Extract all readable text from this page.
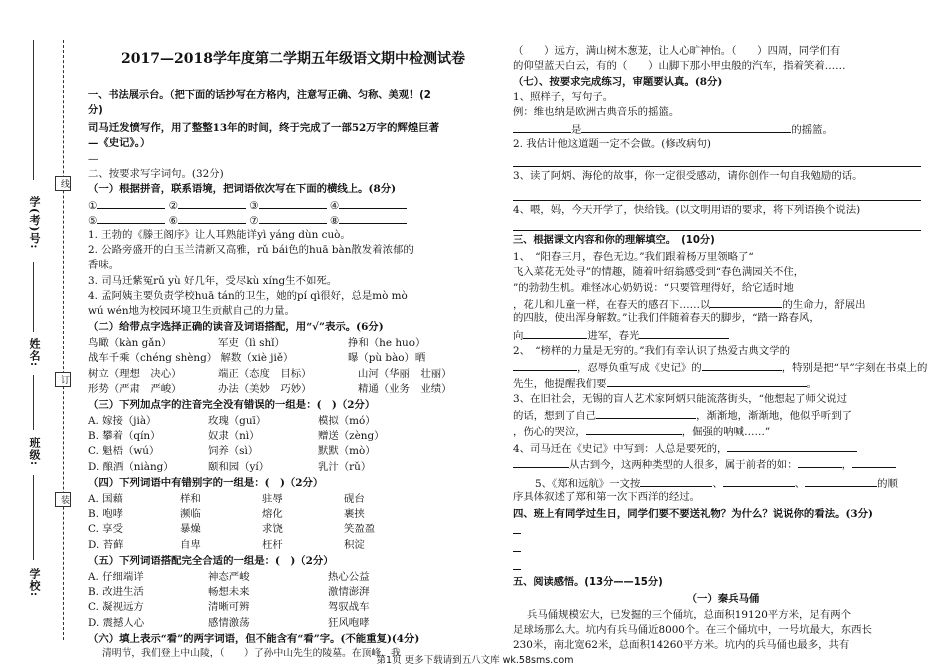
学(考)号:
姓名:
班级:
学校:
线
订
装
2017—2018学年度第二学期五年级语文期中检测试卷
一、书法展示台。（把下面的话抄写在方格内，注意写正确、匀称、美观！(2
分)
司马迁发愤写作，用了整整13年的时间，终于完成了一部52万字的辉煌巨著
—《史记》。）
—
二、按要求写字词句。(32分)
（一）根据拼音，联系语境，把词语依次写在下面的横线上。(8分)
①	②	③	④
⑤	⑥	⑦	⑧
1. 王勃的《滕王阁序》让人耳熟能详yì yáng dùn cuò。
2. 公路旁盛开的白玉兰清新又高雅，rǔ bái色的huā bàn散发着浓郁的
香味。
3. 司马迁紫冤rǔ yù 好几年，受尽kù xíng生不如死。
4. 孟阿姨主要负责学校huā tán的卫生，她的pí qì很好，总是mò mò
wú wén地为校园环境卫生贡献自己的力量。
（二）给带点字选择正确的读音及词语搭配，用“√”表示。(6分)
鸟瞰（kàn gǎn）	军吏（lì shǐ）	挣和（he huo）
战车千乘（chéng shèng） 解数（xiè jiě）	曝（pù bào）晒
树立（理想　决心）	端正（态度　目标）	山河（华丽　壮丽）
形势（严肃　严峻）	办法（美妙　巧妙）	精通（业务　业绩）
（三）下列加点字的注音完全没有错误的一组是：(　)（2分）
A. 嫁接（jià）	玫瑰（guī）	模拟（mó）
B. 攀着（qín）	奴隶（nì）	赠送（zèng）
C. 魁梧（wú）	饲养（sì）	默默（mò）
D. 酿酒（niàng）	颐和园（yí）	乳汁（rǔ）
（四）下列词语中有错别字的一组是：(　)（2分）
A. 国藉	样和	驻辱	砚台
B. 咆哮	濒临	熔化	裹挟
C. 享受	暴燥	求饶	笑盈盈
D. 苔藓	自卑	枉杆	积淀
（五）下列词语搭配完全合适的一组是：(　)（2分）
A. 仔细端详	神态严峻	热心公益
B. 改进生活	畅想未来	激情澎湃
C. 凝视远方	清晰可辨	驾驭战车
D. 震撼人心	感情激荡	狂风咆哮
（六）填上表示“看”的两字词语，但不能含有“看”字。(不能重复)(4分)
清明节，我们登上中山陵，（　　）了孙中山先生的陵墓。在顶峰，我
（　　）远方，满山树木葱茏，让人心旷神怡。（　　）四周，同学们有
的仰望蓝天白云，有的（　　）山脚下那小甲虫般的汽车，指着笑着……
（七）、按要求完成练习，审题要认真。(8分)
1、照样子，写句子。
例：维也纳是欧洲古典音乐的摇篮。
是	的摇篮。
2. 我估计他这道题一定不会做。(修改病句)
3、读了阿炳、海伦的故事，你一定很受感动，请你创作一句自我勉励的话。
4、喂，妈，今天开学了，快给钱。(以文明用语的要求，将下列语换个说法)
三、根据课文内容和你的理解填空。　(10分)
1、　“阳春三月，春色无边。”我们跟着杨万里领略了“
飞入菜花无处寻”的情趣，随着叶绍翁感受到“春色满园关不住，
”的勃勃生机。难怪冰心奶奶说：“只要管理得好，给它适时地
，花儿和儿童一样，在春天的感召下……以	的生命力，舒展出
的四肢，使出浑身解数。”让我们伴随着春天的脚步，“踏一路春风，
向	进军，春光
2、　“榜样的力量是无穷的。”我们有幸认识了热爱古典文学的
，忍辱负重写成《史记》的	，特别是把“早”字刻在书桌上的
先生，他提醒我们要	。
3、在旧社会，无锡的盲人艺术家阿炳只能流落街头，“他想起了师父说过
的话，想到了自己	，渐渐地，渐渐地，他似乎听到了
，伤心的哭泣，	，倔强的呐喊……”
4、司马迁在《史记》中写到：人总是要死的，
从古到今，这两种类型的人很多，属于前者的如：	，
5、《郑和远航》一文按	、	、	的顺
序具体叙述了郑和第一次下西洋的经过。
四、班上有同学过生日，同学们要不要送礼物？为什么？说说你的看法。(3分)
五、阅读感悟。(13分——15分)
（一）秦兵马俑
兵马俑规模宏大，已发掘的三个俑坑，总面积19120平方米，足有两个
足球场那么大。坑内有兵马俑近8000个。在三个俑坑中，一号坑最大，东西长
230米，南北宽62米，总面积14260平方米。坑内的兵马俑也最多，共有
第1页 更多下载请到五八文库 wk.58sms.com
